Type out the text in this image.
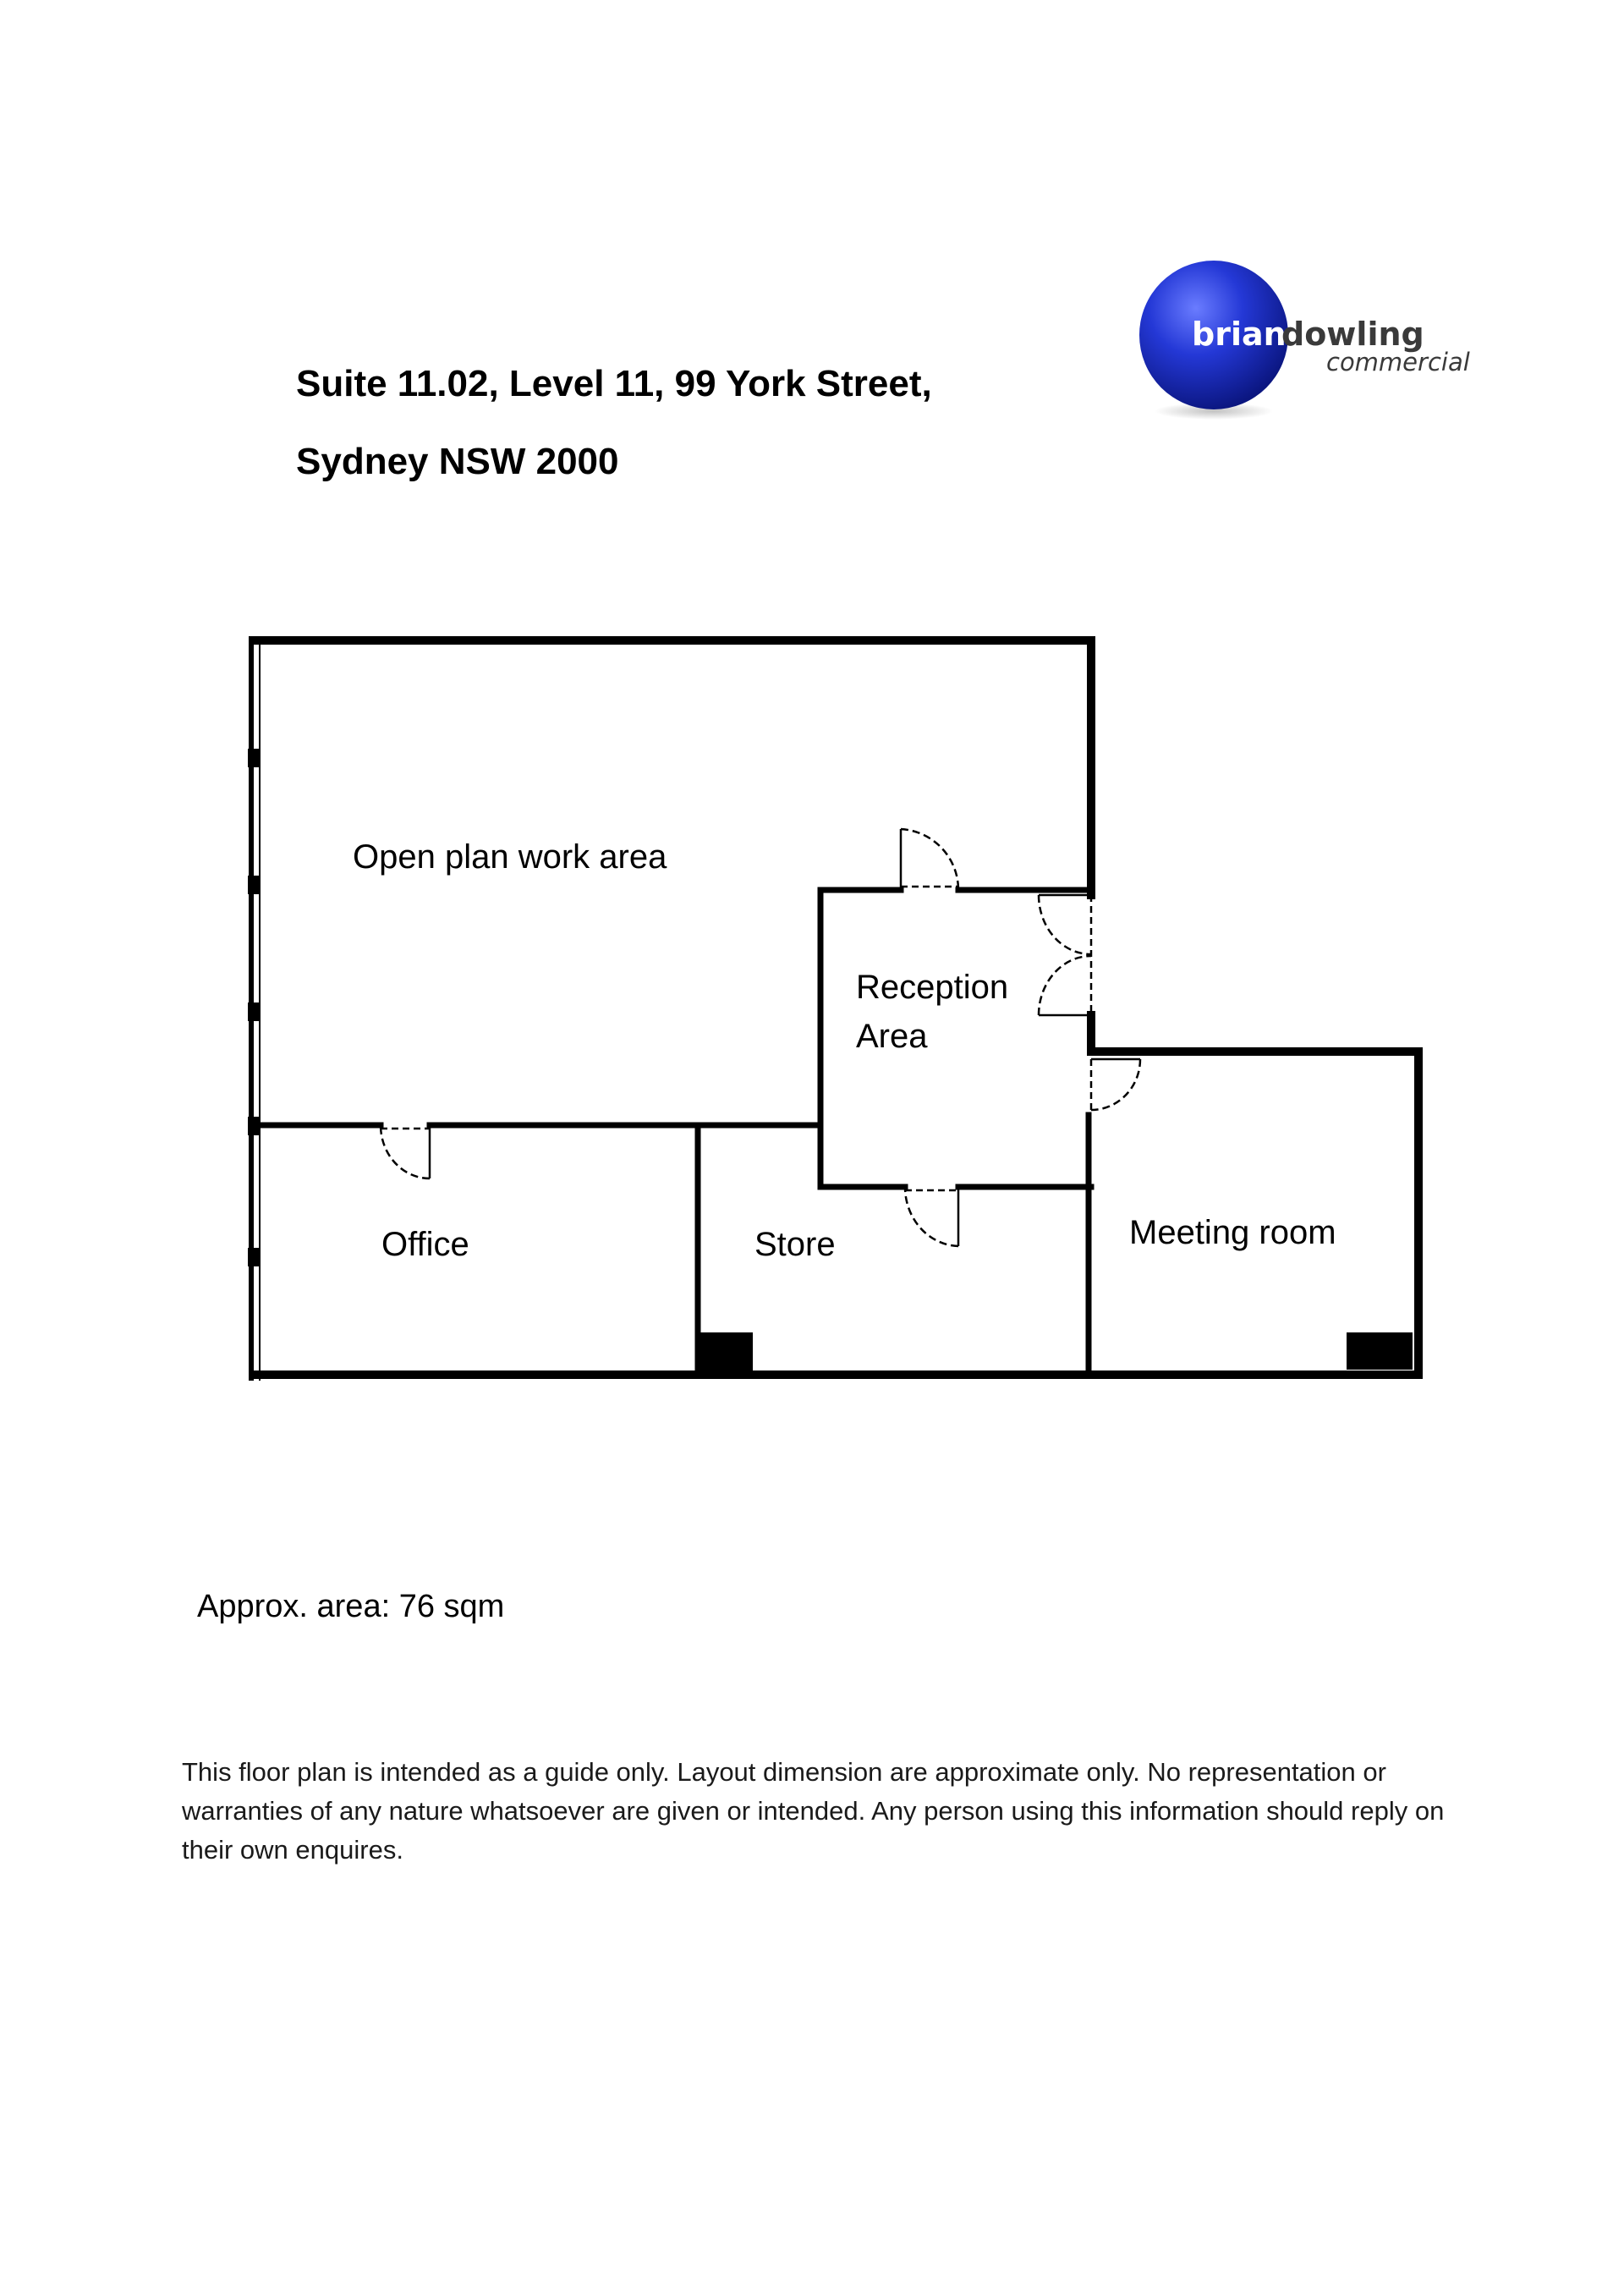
Suite 11.02, Level 11, 99 York Street,
Sydney NSW 2000
brian
dowling
commercial
Open plan work area
Reception
Area
Office	Store	Meeting room
Approx. area: 76 sqm
This floor plan is intended as a guide only. Layout dimension are approximate only. No representation or warranties of any nature whatsoever are given or intended. Any person using this information should reply on their own enquires.
